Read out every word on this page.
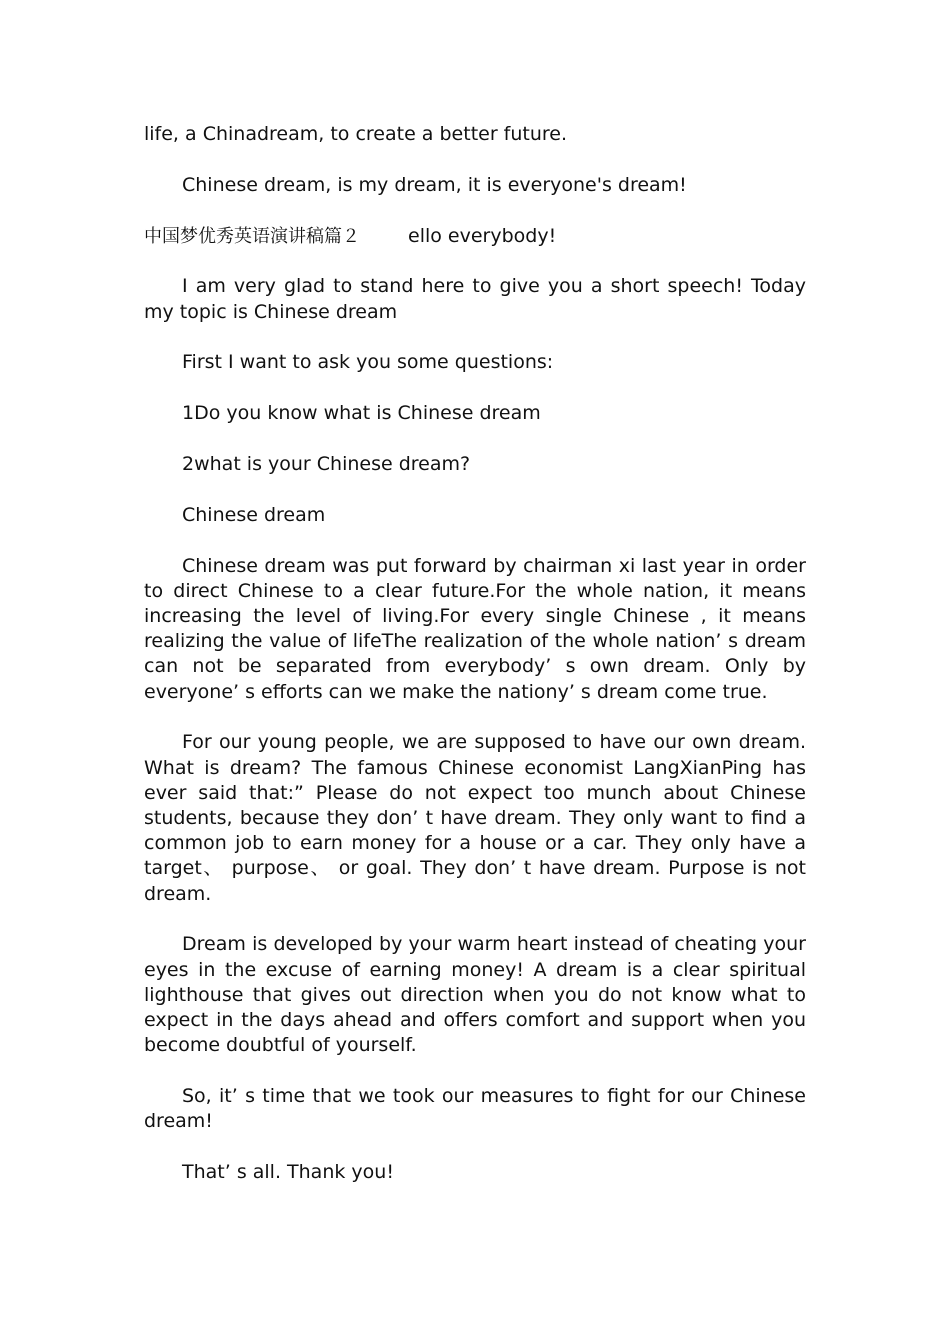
life, a Chinadream, to create a better future.

Chinese dream, is my dream, it is everyone's dream!

中国梦优秀英语演讲稿篇２	ello everybody!

I am very glad to stand here to give you a short speech! Today my topic is Chinese dream

First I want to ask you some questions:

1Do you know what is Chinese dream

2what is your Chinese dream?

Chinese dream

Chinese dream was put forward by chairman xi last year in order to direct Chinese to a clear future.For the whole nation, it means increasing the level of living.For every single Chinese , it means realizing the value of lifeThe realization of the whole nation’ s dream can not be separated from everybody’ s own dream. Only by everyone’ s efforts can we make the nationy’ s dream come true.

For our young people, we are supposed to have our own dream. What is dream? The famous Chinese economist LangXianPing has ever said that:” Please do not expect too munch about Chinese students, because they don’ t have dream. They only want to find a common job to earn money for a house or a car. They only have a target、 purpose、 or goal. They don’ t have dream. Purpose is not dream.

Dream is developed by your warm heart instead of cheating your eyes in the excuse of earning money! A dream is a clear spiritual lighthouse that gives out direction when you do not know what to expect in the days ahead and offers comfort and support when you become doubtful of yourself.

So, it’ s time that we took our measures to fight for our Chinese dream!

That’ s all. Thank you!
